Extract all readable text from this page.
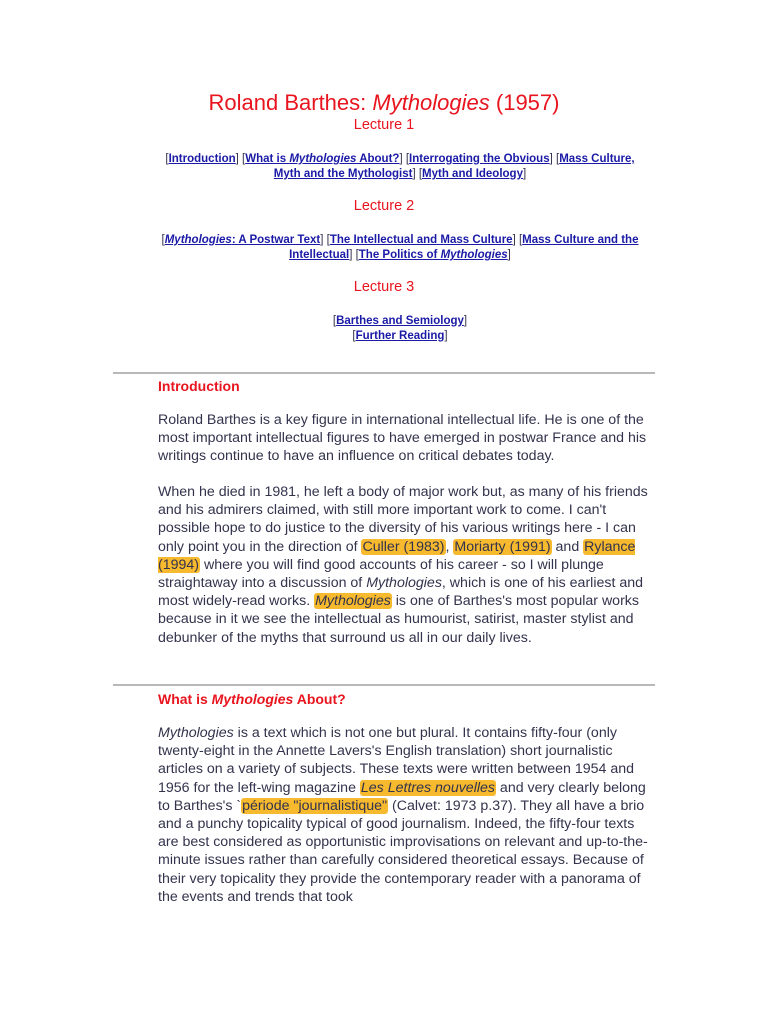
Roland Barthes: Mythologies (1957)
Lecture 1
[Introduction] [What is Mythologies About?] [Interrogating the Obvious] [Mass Culture, Myth and the Mythologist] [Myth and Ideology]
Lecture 2
[Mythologies: A Postwar Text] [The Intellectual and Mass Culture] [Mass Culture and the Intellectual] [The Politics of Mythologies]
Lecture 3
[Barthes and Semiology]
[Further Reading]
Introduction

Roland Barthes is a key figure in international intellectual life. He is one of the most important intellectual figures to have emerged in postwar France and his writings continue to have an influence on critical debates today.

When he died in 1981, he left a body of major work but, as many of his friends and his admirers claimed, with still more important work to come. I can't possible hope to do justice to the diversity of his various writings here - I can only point you in the direction of Culler (1983), Moriarty (1991) and Rylance (1994) where you will find good accounts of his career - so I will plunge straightaway into a discussion of Mythologies, which is one of his earliest and most widely-read works. Mythologies is one of Barthes's most popular works because in it we see the intellectual as humourist, satirist, master stylist and debunker of the myths that surround us all in our daily lives.

What is Mythologies About?

Mythologies is a text which is not one but plural. It contains fifty-four (only twenty-eight in the Annette Lavers's English translation) short journalistic articles on a variety of subjects. These texts were written between 1954 and 1956 for the left-wing magazine Les Lettres nouvelles and very clearly belong to Barthes's `période "journalistique" (Calvet: 1973 p.37). They all have a brio and a punchy topicality typical of good journalism. Indeed, the fifty-four texts are best considered as opportunistic improvisations on relevant and up-to-the-minute issues rather than carefully considered theoretical essays. Because of their very topicality they provide the contemporary reader with a panorama of the events and trends that took
